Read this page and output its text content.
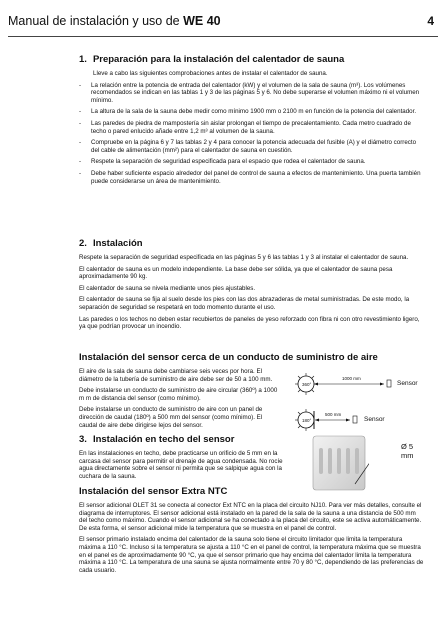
Manual de instalación y uso de WE 40	4
1. Preparación para la instalación del calentador de sauna

Lleve a cabo las siguientes comprobaciones antes de instalar el calentador de sauna.

- La relación entre la potencia de entrada del calentador (kW) y el volumen de la sala de sauna (m³). Los volúmenes recomendados se indican en las tablas 1 y 3 de las páginas 5 y 6. No debe superarse el volumen máximo ni el volumen mínimo.
- La altura de la sala de la sauna debe medir como mínimo 1900 mm o 2100 m en función de la potencia del calentador.
- Las paredes de piedra de mampostería sin aislar prolongan el tiempo de precalentamiento. Cada metro cuadrado de techo o pared enlucido añade entre 1,2 m³ al volumen de la sauna.
- Compruebe en la página 6 y 7 las tablas 2 y 4 para conocer la potencia adecuada del fusible (A) y el diámetro correcto del cable de alimentación (mm²) para el calentador de sauna en cuestión.
- Respete la separación de seguridad especificada para el espacio que rodea el calentador de sauna.
- Debe haber suficiente espacio alrededor del panel de control de sauna a efectos de mantenimiento. Una puerta también puede considerarse un área de mantenimiento.
2. Instalación

Respete la separación de seguridad especificada en las páginas 5 y 6 las tablas 1 y 3 al instalar el calentador de sauna.

El calentador de sauna es un modelo independiente. La base debe ser sólida, ya que el calentador de sauna pesa aproximadamente 90 kg.

El calentador de sauna se nivela mediante unos pies ajustables.

El calentador de sauna se fija al suelo desde los pies con las dos abrazaderas de metal suministradas. De este modo, la separación de seguridad se respetará en todo momento durante el uso.

Las paredes o los techos no deben estar recubiertos de paneles de yeso reforzado con fibra ni con otro revestimiento ligero, ya que podrían provocar un incendio.

Instalación del sensor cerca de un conducto de suministro de aire

El aire de la sala de sauna debe cambiarse seis veces por hora. El diámetro de la tubería de suministro de aire debe ser de 50 a 100 mm.

Debe instalarse un conducto de suministro de aire circular (360º) a 1000 m m de distancia del sensor (como mínimo).

Debe instalarse un conducto de suministro de aire con un panel de dirección de caudal (180º) a 500 mm del sensor (como mínimo). El caudal de aire debe dirigirse lejos del sensor.

360°
1000 mm
Sensor
180°
500 mm
Sensor
3. Instalación en techo del sensor

En las instalaciones en techo, debe practicarse un orificio de 5 mm en la carcasa del sensor para permitir el drenaje de agua condensada. No rocíe agua directamente sobre el sensor ni permita que se salpique agua con la cuchara de la sauna.

Ø 5 mm
Instalación del sensor Extra NTC

El sensor adicional OLET 31 se conecta al conector Ext NTC en la placa del circuito NJ10. Para ver más detalles, consulte el diagrama de interruptores. El sensor adicional está instalado en la pared de la sala de la sauna a una distancia de 500 mm del techo como máximo. Cuando el sensor adicional se ha conectado a la placa del circuito, este se activa automáticamente. De esta forma, el sensor adicional mide la temperatura que se muestra en el panel de control.

El sensor primario instalado encima del calentador de la sauna solo tiene el circuito limitador que limita la temperatura máxima a 110 °C. Incluso si la temperatura se ajusta a 110 °C en el panel de control, la temperatura máxima que se muestra en el panel es de aproximadamente 90 °C, ya que el sensor primario que hay encima del calentador limita la temperatura máxima a 110 °C. La temperatura de una sauna se ajusta normalmente entre 70 y 80 °C, dependiendo de las preferencias de cada usuario.
